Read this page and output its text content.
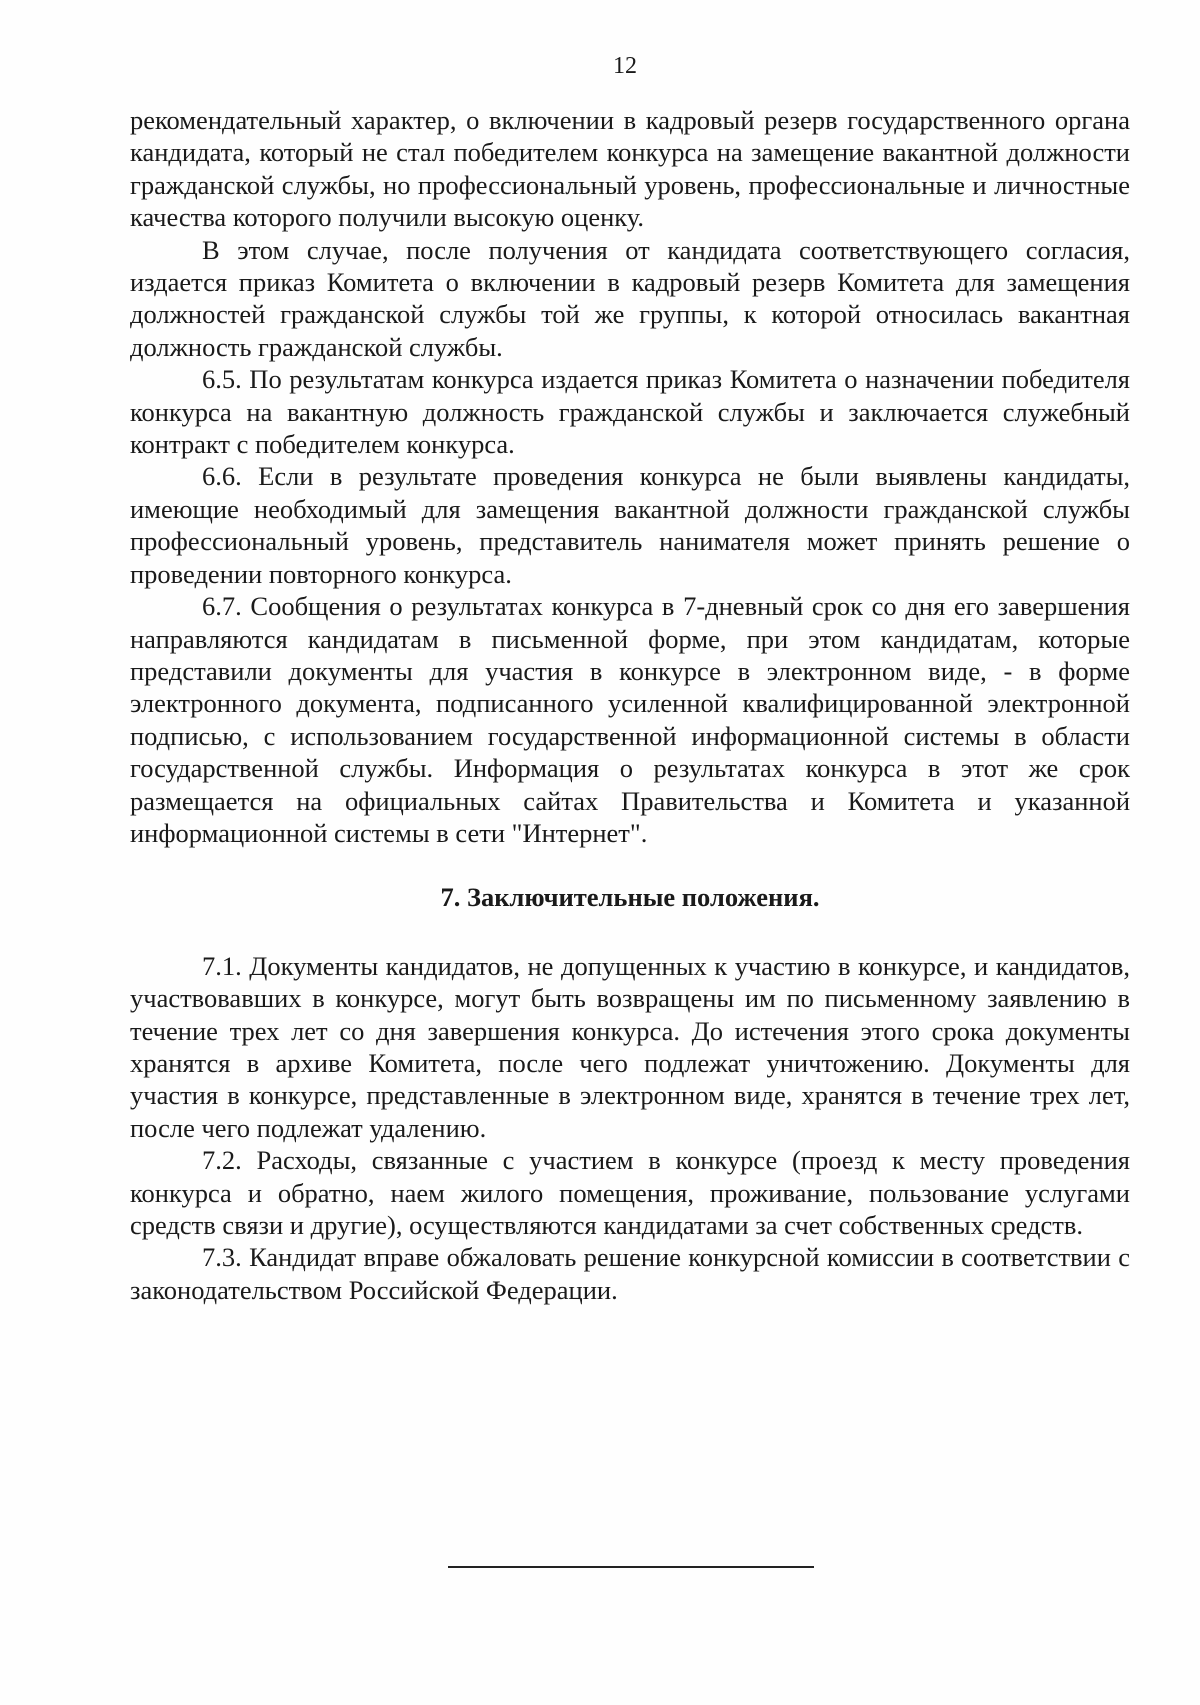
12

рекомендательный характер, о включении в кадровый резерв государственного органа кандидата, который не стал победителем конкурса на замещение вакантной должности гражданской службы, но профессиональный уровень, профессиональные и личностные качества которого получили высокую оценку.

В этом случае, после получения от кандидата соответствующего согласия, издается приказ Комитета о включении в кадровый резерв Комитета для замещения должностей гражданской службы той же группы, к которой относилась вакантная должность гражданской службы.

6.5. По результатам конкурса издается приказ Комитета о назначении победителя конкурса на вакантную должность гражданской службы и заключается служебный контракт с победителем конкурса.

6.6. Если в результате проведения конкурса не были выявлены кандидаты, имеющие необходимый для замещения вакантной должности гражданской службы профессиональный уровень, представитель нанимателя может принять решение о проведении повторного конкурса.

6.7. Сообщения о результатах конкурса в 7-дневный срок со дня его завершения направляются кандидатам в письменной форме, при этом кандидатам, которые представили документы для участия в конкурсе в электронном виде, - в форме электронного документа, подписанного усиленной квалифицированной электронной подписью, с использованием государственной информационной системы в области государственной службы. Информация о результатах конкурса в этот же срок размещается на официальных сайтах Правительства и Комитета и указанной информационной системы в сети "Интернет".

7. Заключительные положения.

7.1. Документы кандидатов, не допущенных к участию в конкурсе, и кандидатов, участвовавших в конкурсе, могут быть возвращены им по письменному заявлению в течение трех лет со дня завершения конкурса. До истечения этого срока документы хранятся в архиве Комитета, после чего подлежат уничтожению. Документы для участия в конкурсе, представленные в электронном виде, хранятся в течение трех лет, после чего подлежат удалению.

7.2. Расходы, связанные с участием в конкурсе (проезд к месту проведения конкурса и обратно, наем жилого помещения, проживание, пользование услугами средств связи и другие), осуществляются кандидатами за счет собственных средств.

7.3. Кандидат вправе обжаловать решение конкурсной комиссии в соответствии с законодательством Российской Федерации.
